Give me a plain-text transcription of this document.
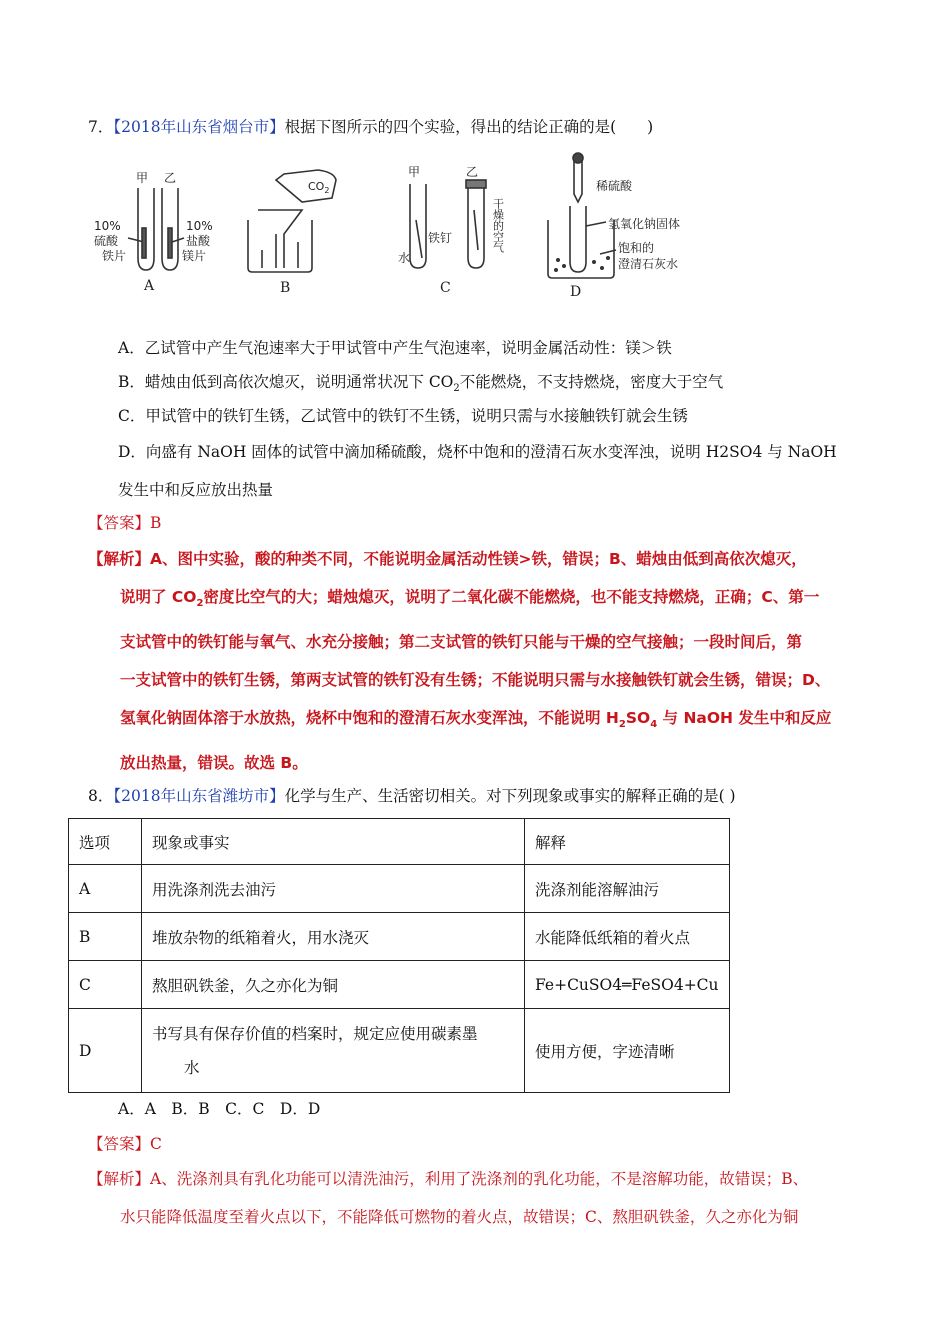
7．【2018年山东省烟台市】根据下图所示的四个实验，得出的结论正确的是(　　)
甲 乙
10%
硫酸
铁片
10%
盐酸
镁片
$CO_2$
甲	乙
铁钉
水
干燥的空气
稀硫酸
氢氧化钠固体
饱和的
澄清石灰水
A	B	C	D
A．乙试管中产生气泡速率大于甲试管中产生气泡速率，说明金属活动性：镁＞铁
B．蜡烛由低到高依次熄灭，说明通常状况下 $CO_2$不能燃烧，不支持燃烧，密度大于空气
C．甲试管中的铁钉生锈，乙试管中的铁钉不生锈，说明只需与水接触铁钉就会生锈
D．向盛有 NaOH 固体的试管中滴加稀硫酸，烧杯中饱和的澄清石灰水变浑浊，说明 H2SO4 与 NaOH
发生中和反应放出热量
【答案】B
【解析】A、图中实验，酸的种类不同，不能说明金属活动性镁>铁，错误；B、蜡烛由低到高依次熄灭，
说明了 $CO_2$密度比空气的大；蜡烛熄灭，说明了二氧化碳不能燃烧，也不能支持燃烧，正确；C、第一
支试管中的铁钉能与氧气、水充分接触；第二支试管的铁钉只能与干燥的空气接触；一段时间后，第
一支试管中的铁钉生锈，第两支试管的铁钉没有生锈；不能说明只需与水接触铁钉就会生锈，错误；D、
氢氧化钠固体溶于水放热，烧杯中饱和的澄清石灰水变浑浊，不能说明 $H_2SO_4$ 与 NaOH 发生中和反应
放出热量，错误。故选 B。
8．【2018年山东省潍坊市】化学与生产、生活密切相关。对下列现象或事实的解释正确的是( )
选项	现象或事实	解释
A	用洗涤剂洗去油污	洗涤剂能溶解油污
B	堆放杂物的纸箱着火，用水浇灭	水能降低纸箱的着火点
C	熬胆矾铁釜，久之亦化为铜	Fe+CuSO4═FeSO4+Cu
D	书写具有保存价值的档案时，规定应使用碳素墨
水	使用方便，字迹清晰
A．A　B．B　C．C　D．D
【答案】C
【解析】A、洗涤剂具有乳化功能可以清洗油污，利用了洗涤剂的乳化功能，不是溶解功能，故错误；B、
水只能降低温度至着火点以下，不能降低可燃物的着火点，故错误；C、熬胆矾铁釜，久之亦化为铜
